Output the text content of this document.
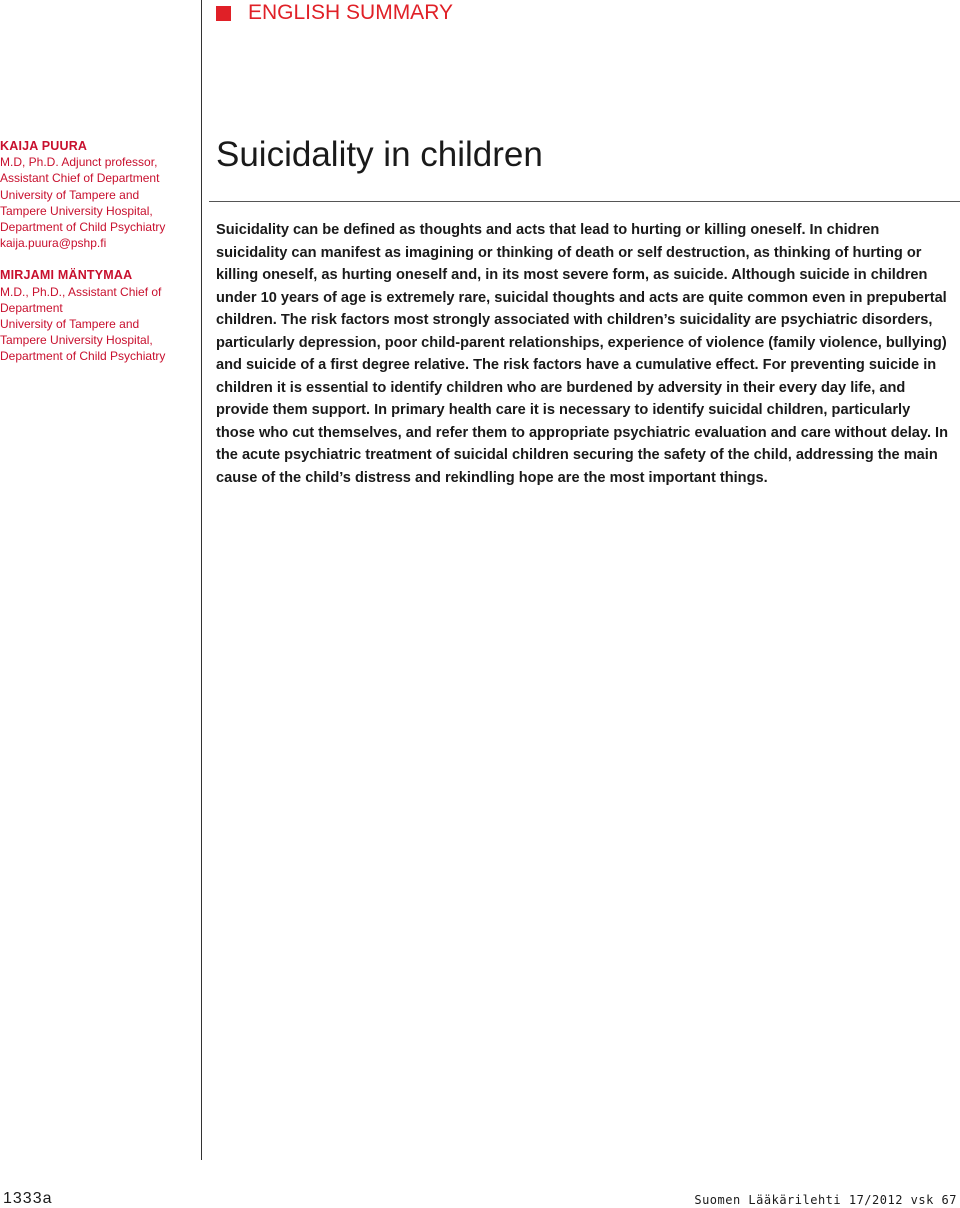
ENGLISH SUMMARY
KAIJA PUURA
M.D, Ph.D. Adjunct professor,
Assistant Chief of Department
University of Tampere and
Tampere University Hospital,
Department of Child Psychiatry
kaija.puura@pshp.fi
MIRJAMI MÄNTYMAA
M.D., Ph.D., Assistant Chief of
Department
University of Tampere and
Tampere University Hospital,
Department of Child Psychiatry
Suicidality in children

Suicidality can be defined as thoughts and acts that lead to hurting or killing oneself. In chidren suicidality can manifest as imagining or thinking of death or self destruction, as thinking of hurting or killing oneself, as hurting oneself and, in its most severe form, as suicide. Although suicide in children under 10 years of age is extremely rare, suicidal thoughts and acts are quite common even in prepubertal children. The risk factors most strongly associated with children’s suicidality are psychiatric disorders, particularly depression, poor child-parent relationships, experience of violence (family violence, bullying) and suicide of a first degree relative. The risk factors have a cumulative effect. For preventing suicide in children it is essential to identify children who are burdened by adversity in their every day life, and provide them support. In primary health care it is necessary to identify suicidal children, particularly those who cut themselves, and refer them to appropriate psychiatric evaluation and care without delay. In the acute psychiatric treatment of suicidal children securing the safety of the child, addressing the main cause of the child’s distress and rekindling hope are the most important things.

1333a	Suomen Lääkärilehti 17/2012 vsk 67
